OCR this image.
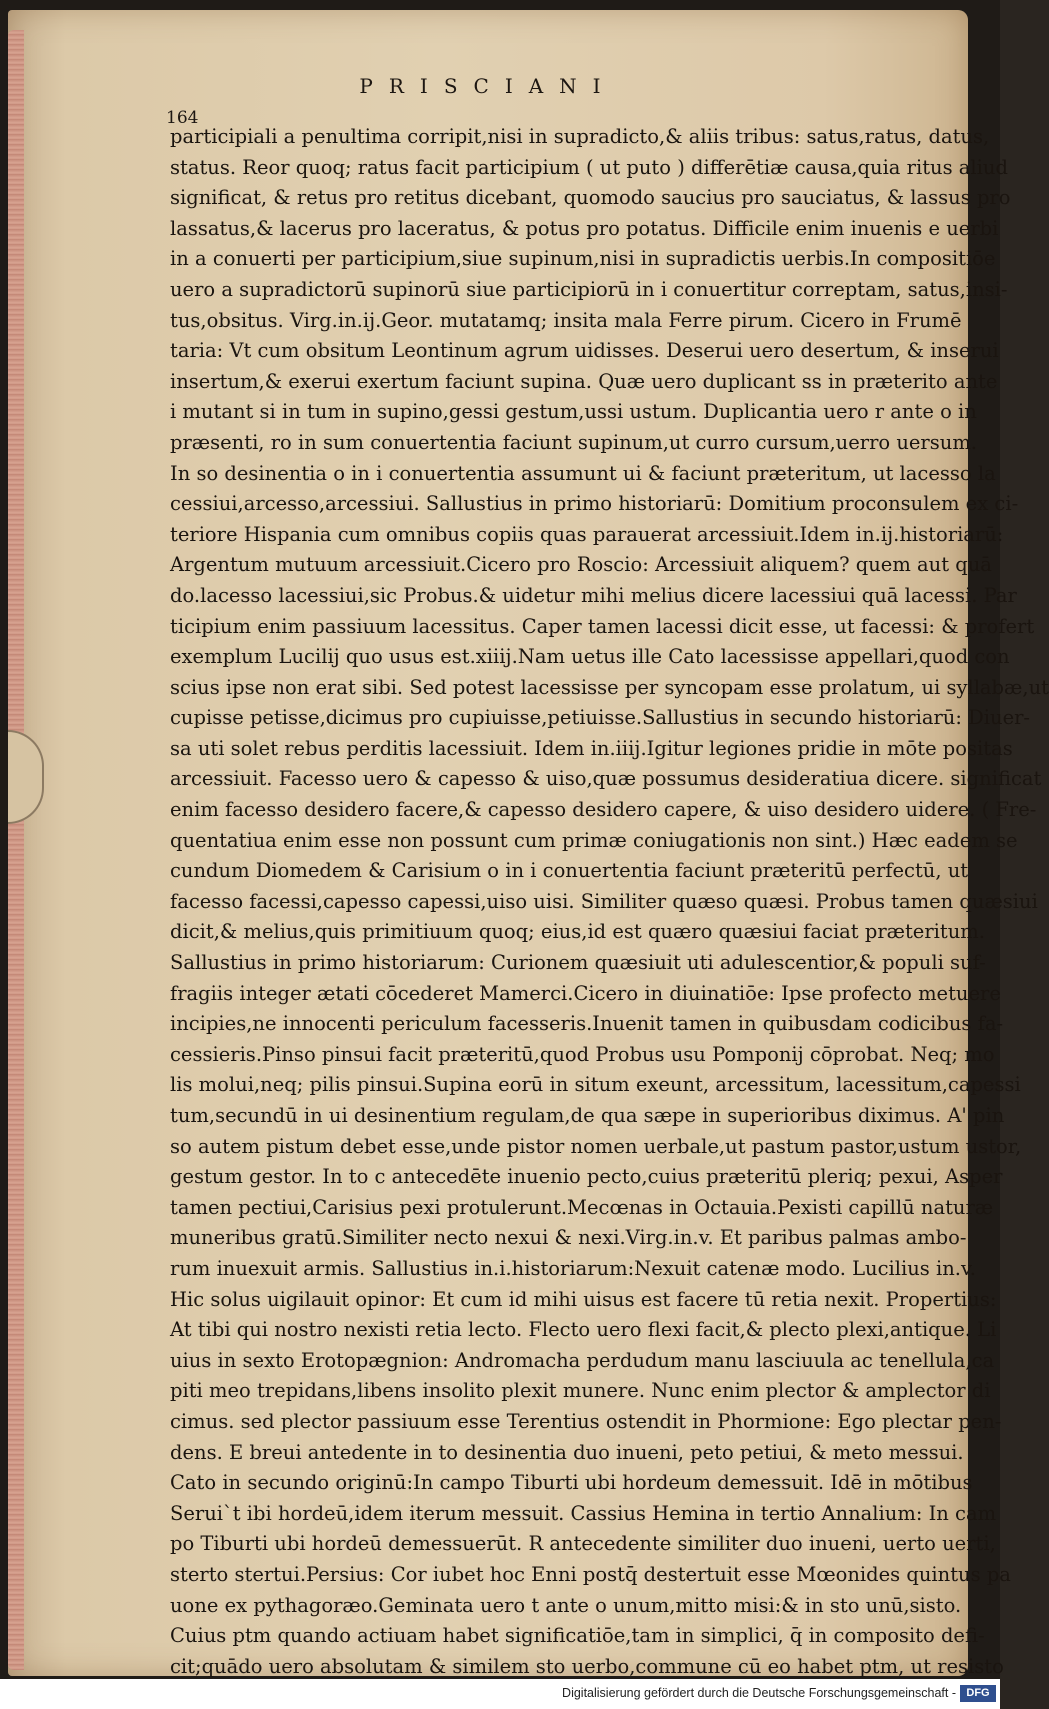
PRISCIANI
164
participiali a penultima corripit,nisi in supradicto,& aliis tribus: satus,ratus, datus,
status. Reor quoq; ratus facit participium ( ut puto ) differētiæ causa,quia ritus aliud
significat, & retus pro retitus dicebant, quomodo saucius pro sauciatus, & lassus pro
lassatus,& lacerus pro laceratus, & potus pro potatus. Difficile enim inuenis e uerbi
in a conuerti per participium,siue supinum,nisi in supradictis uerbis.In compositiōe
uero a supradictorū supinorū siue participiorū in i conuertitur correptam, satus,insi-
tus,obsitus. Virg.in.ij.Geor. mutatamq; insita mala Ferre pirum. Cicero in Frumē
taria: Vt cum obsitum Leontinum agrum uidisses. Deserui uero desertum, & inserui
insertum,& exerui exertum faciunt supina. Quæ uero duplicant ss in præterito ante
i mutant si in tum in supino,gessi gestum,ussi ustum. Duplicantia uero r ante o in
præsenti, ro in sum conuertentia faciunt supinum,ut curro cursum,uerro uersum.
In so desinentia o in i conuertentia assumunt ui & faciunt præteritum, ut lacesso la
cessiui,arcesso,arcessiui. Sallustius in primo historiarū: Domitium proconsulem ex ci-
teriore Hispania cum omnibus copiis quas parauerat arcessiuit.Idem in.ij.historiarū:
Argentum mutuum arcessiuit.Cicero pro Roscio: Arcessiuit aliquem? quem aut quā
do.lacesso lacessiui,sic Probus.& uidetur mihi melius dicere lacessiui quā lacessi. Par
ticipium enim passiuum lacessitus. Caper tamen lacessi dicit esse, ut facessi: & profert
exemplum Lucilij quo usus est.xiiij.Nam uetus ille Cato lacessisse appellari,quod con
scius ipse non erat sibi. Sed potest lacessisse per syncopam esse prolatum, ui syllabæ,ut
cupisse petisse,dicimus pro cupiuisse,petiuisse.Sallustius in secundo historiarū: Diuer-
sa uti solet rebus perditis lacessiuit. Idem in.iiij.Igitur legiones pridie in mōte positas
arcessiuit. Facesso uero & capesso & uiso,quæ possumus desideratiua dicere. significat
enim facesso desidero facere,& capesso desidero capere, & uiso desidero uidere. ( Fre-
quentatiua enim esse non possunt cum primæ coniugationis non sint.) Hæc eadem se
cundum Diomedem & Carisium o in i conuertentia faciunt præteritū perfectū, ut
facesso facessi,capesso capessi,uiso uisi. Similiter quæso quæsi. Probus tamen quæsiui
dicit,& melius,quis primitiuum quoq; eius,id est quæro quæsiui faciat præteritum.
Sallustius in primo historiarum: Curionem quæsiuit uti adulescentior,& populi suf-
fragiis integer ætati cōcederet Mamerci.Cicero in diuinatiōe: Ipse profecto metuere
incipies,ne innocenti periculum facesseris.Inuenit tamen in quibusdam codicibus fa-
cessieris.Pinso pinsui facit præteritū,quod Probus usu Pomponij cōprobat. Neq; mo
lis molui,neq; pilis pinsui.Supina eorū in situm exeunt, arcessitum, lacessitum,capessi
tum,secundū in ui desinentium regulam,de qua sæpe in superioribus diximus. A' pin
so autem pistum debet esse,unde pistor nomen uerbale,ut pastum pastor,ustum ustor,
gestum gestor. In to c antecedēte inuenio pecto,cuius præteritū pleriq; pexui, Asper
tamen pectiui,Carisius pexi protulerunt.Mecœnas in Octauia.Pexisti capillū naturæ
muneribus gratū.Similiter necto nexui & nexi.Virg.in.v. Et paribus palmas ambo-
rum inuexuit armis. Sallustius in.i.historiarum:Nexuit catenæ modo. Lucilius in.v.
Hic solus uigilauit opinor: Et cum id mihi uisus est facere tū retia nexit. Propertius:
At tibi qui nostro nexisti retia lecto. Flecto uero flexi facit,& plecto plexi,antique. Li
uius in sexto Erotopægnion: Andromacha perdudum manu lasciuula ac tenellula,ca
piti meo trepidans,libens insolito plexit munere. Nunc enim plector & amplector di
cimus. sed plector passiuum esse Terentius ostendit in Phormione: Ego plectar pen-
dens. E breui antedente in to desinentia duo inueni, peto petiui, & meto messui.
Cato in secundo originū:In campo Tiburti ubi hordeum demessuit. Idē in mōtibus
Serui`t ibi hordeū,idem iterum messuit. Cassius Hemina in tertio Annalium: In cam
po Tiburti ubi hordeū demessuerūt. R antecedente similiter duo inueni, uerto uerti,
sterto stertui.Persius: Cor iubet hoc Enni postq̄ destertuit esse Mœonides quintus pa
uone ex pythagoræo.Geminata uero t ante o unum,mitto misi:& in sto unū,sisto.
Cuius ptm quando actiuam habet significatiōe,tam in simplici, q̄ in composito defi-
cit;quādo uero absolutam & similem sto uerbo,commune cū eo habet ptm, ut resisto
Digitalisierung gefördert durch die Deutsche Forschungsgemeinschaft - DFG
